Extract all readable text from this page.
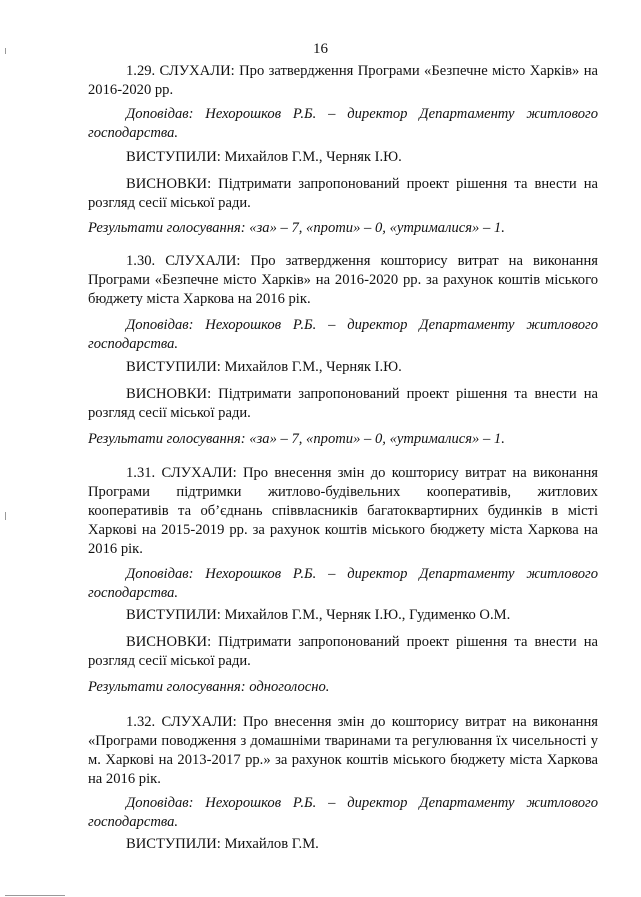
16

1.29. СЛУХАЛИ: Про затвердження Програми «Безпечне місто Харків» на 2016-2020 рр.

Доповідав: Нехорошков Р.Б. – директор Департаменту житлового господарства.

ВИСТУПИЛИ: Михайлов Г.М., Черняк І.Ю.

ВИСНОВКИ: Підтримати запропонований проект рішення та внести на розгляд сесії міської ради.

Результати голосування: «за» – 7, «проти» – 0, «утрималися» – 1.

1.30. СЛУХАЛИ: Про затвердження кошторису витрат на виконання Програми «Безпечне місто Харків» на 2016-2020 рр. за рахунок коштів міського бюджету міста Харкова на 2016 рік.

Доповідав: Нехорошков Р.Б. – директор Департаменту житлового господарства.

ВИСТУПИЛИ: Михайлов Г.М., Черняк І.Ю.

ВИСНОВКИ: Підтримати запропонований проект рішення та внести на розгляд сесії міської ради.

Результати голосування: «за» – 7, «проти» – 0, «утрималися» – 1.

1.31. СЛУХАЛИ: Про внесення змін до кошторису витрат на виконання
Програми підтримки житлово-будівельних кооперативів, житлових
кооперативів та об’єднань співвласників багатоквартирних будинків в місті Харкові на 2015-2019 рр. за рахунок коштів міського бюджету міста Харкова на 2016 рік.

Доповідав: Нехорошков Р.Б. – директор Департаменту житлового господарства.

ВИСТУПИЛИ: Михайлов Г.М., Черняк І.Ю., Гудименко О.М.

ВИСНОВКИ: Підтримати запропонований проект рішення та внести на розгляд сесії міської ради.

Результати голосування: одноголосно.

1.32. СЛУХАЛИ: Про внесення змін до кошторису витрат на виконання «Програми поводження з домашніми тваринами та регулювання їх чисельності у м. Харкові на 2013-2017 рр.» за рахунок коштів міського бюджету міста Харкова на 2016 рік.

Доповідав: Нехорошков Р.Б. – директор Департаменту житлового господарства.

ВИСТУПИЛИ: Михайлов Г.М.
